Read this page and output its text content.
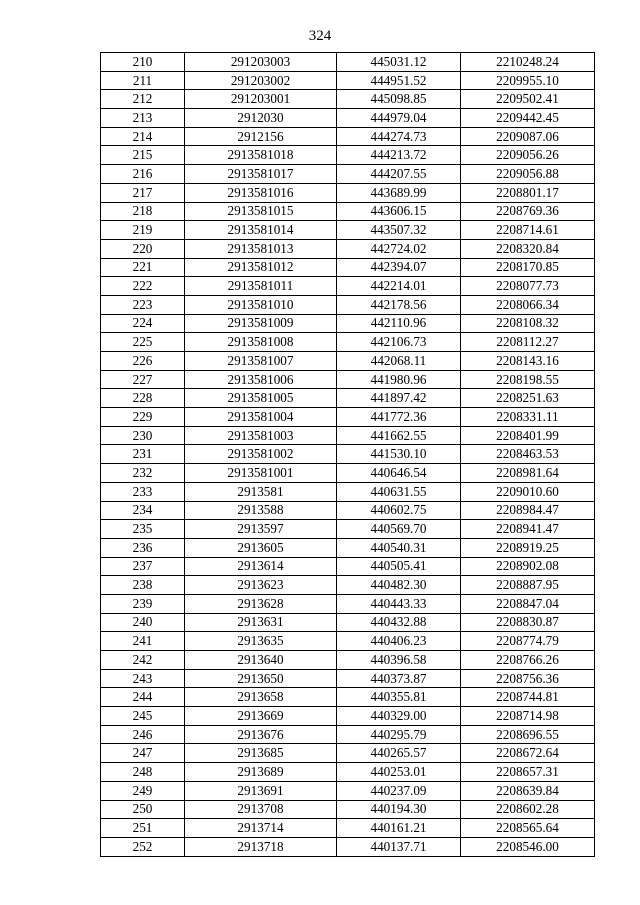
324
210	291203003	445031.12	2210248.24
211	291203002	444951.52	2209955.10
212	291203001	445098.85	2209502.41
213	2912030	444979.04	2209442.45
214	2912156	444274.73	2209087.06
215	2913581018	444213.72	2209056.26
216	2913581017	444207.55	2209056.88
217	2913581016	443689.99	2208801.17
218	2913581015	443606.15	2208769.36
219	2913581014	443507.32	2208714.61
220	2913581013	442724.02	2208320.84
221	2913581012	442394.07	2208170.85
222	2913581011	442214.01	2208077.73
223	2913581010	442178.56	2208066.34
224	2913581009	442110.96	2208108.32
225	2913581008	442106.73	2208112.27
226	2913581007	442068.11	2208143.16
227	2913581006	441980.96	2208198.55
228	2913581005	441897.42	2208251.63
229	2913581004	441772.36	2208331.11
230	2913581003	441662.55	2208401.99
231	2913581002	441530.10	2208463.53
232	2913581001	440646.54	2208981.64
233	2913581	440631.55	2209010.60
234	2913588	440602.75	2208984.47
235	2913597	440569.70	2208941.47
236	2913605	440540.31	2208919.25
237	2913614	440505.41	2208902.08
238	2913623	440482.30	2208887.95
239	2913628	440443.33	2208847.04
240	2913631	440432.88	2208830.87
241	2913635	440406.23	2208774.79
242	2913640	440396.58	2208766.26
243	2913650	440373.87	2208756.36
244	2913658	440355.81	2208744.81
245	2913669	440329.00	2208714.98
246	2913676	440295.79	2208696.55
247	2913685	440265.57	2208672.64
248	2913689	440253.01	2208657.31
249	2913691	440237.09	2208639.84
250	2913708	440194.30	2208602.28
251	2913714	440161.21	2208565.64
252	2913718	440137.71	2208546.00
